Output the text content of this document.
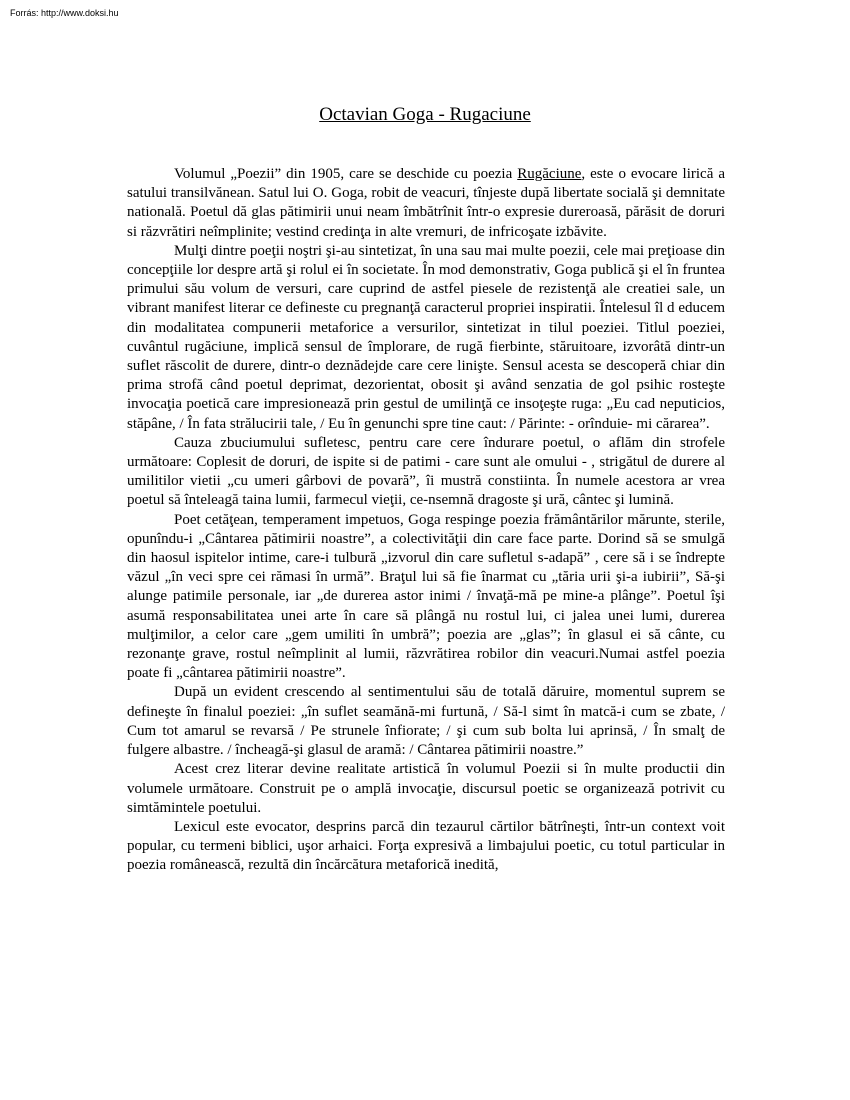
Forrás: http://www.doksi.hu
Octavian Goga - Rugaciune

Volumul „Poezii” din 1905, care se deschide cu poezia Rugăciune, este o evocare lirică a satului transilvănean. Satul lui O. Goga, robit de veacuri, tînjeste după libertate socială şi demnitate natională. Poetul dă glas pătimirii unui neam îmbătrînit într-o expresie dureroasă, părăsit de doruri si răzvrătiri neîmplinite; vestind credinţa in alte vremuri, de infricoşate izbăvite.

Mulţi dintre poeţii noştri şi-au sintetizat, în una sau mai multe poezii, cele mai preţioase din concepţiile lor despre artă şi rolul ei în societate. În mod demonstrativ, Goga publică şi el în fruntea primului său volum de versuri, care cuprind de astfel piesele de rezistenţă ale creatiei sale, un vibrant manifest literar ce defineste cu pregnanţă caracterul propriei inspiratii. Întelesul îl d educem din modalitatea compunerii metaforice a versurilor, sintetizat in tilul poeziei. Titlul poeziei, cuvântul rugăciune, implică sensul de împlorare, de rugă fierbinte, stăruitoare, izvorâtă dintr-un suflet răscolit de durere, dintr-o deznădejde care cere linişte. Sensul acesta se descoperă chiar din prima strofă când poetul deprimat, dezorientat, obosit şi având senzatia de gol psihic rosteşte invocaţia poetică care impresionează prin gestul de umilinţă ce insoţeşte ruga: „Eu cad neputicios, stăpâne, / În fata strălucirii tale, / Eu în genunchi spre tine caut: / Părinte: - orînduie- mi cărarea”.

Cauza zbuciumului sufletesc, pentru care cere îndurare poetul, o aflăm din strofele următoare: Coplesit de doruri, de ispite si de patimi - care sunt ale omului - , strigătul de durere al umilitilor vietii „cu umeri gârbovi de povară”, îi mustră constiinta. În numele acestora ar vrea poetul să înteleagă taina lumii, farmecul vieţii, ce-nsemnă dragoste şi ură, cântec şi lumină.

Poet cetăţean, temperament impetuos, Goga respinge poezia frământărilor mărunte, sterile, opunîndu-i „Cântarea pătimirii noastre”, a colectivităţii din care face parte. Dorind să se smulgă din haosul ispitelor intime, care-i tulbură „izvorul din care sufletul s-adapă” , cere să i se îndrepte văzul „în veci spre cei rămasi în urmă”. Braţul lui să fie înarmat cu „tăria urii şi-a iubirii”, Să-şi alunge patimile personale, iar „de durerea astor inimi / învaţă-mă pe mine-a plânge”. Poetul îşi asumă responsabilitatea unei arte în care să plângă nu rostul lui, ci jalea unei lumi, durerea mulţimilor, a celor care „gem umiliti în umbră”; poezia are „glas”; în glasul ei să cânte, cu rezonanţe grave, rostul neîmplinit al lumii, răzvrătirea robilor din veacuri.Numai astfel poezia poate fi „cântarea pătimirii noastre”.

După un evident crescendo al sentimentului său de totală dăruire, momentul suprem se defineşte în finalul poeziei: „în suflet seamănă-mi furtună, / Să-l simt în matcă-i cum se zbate, / Cum tot amarul se revarsă / Pe strunele înfiorate; / şi cum sub bolta lui aprinsă, / În smalţ de fulgere albastre. / încheagă-şi glasul de aramă: / Cântarea pătimirii noastre.”

Acest crez literar devine realitate artistică în volumul Poezii si în multe productii din volumele următoare. Construit pe o amplă invocaţie, discursul poetic se organizează potrivit cu simtămintele poetului.

Lexicul este evocator, desprins parcă din tezaurul cărtilor bătrîneşti, într-un context voit popular, cu termeni biblici, uşor arhaici. Forţa expresivă a limbajului poetic, cu totul particular in poezia românească, rezultă din încărcătura metaforică inedită,
